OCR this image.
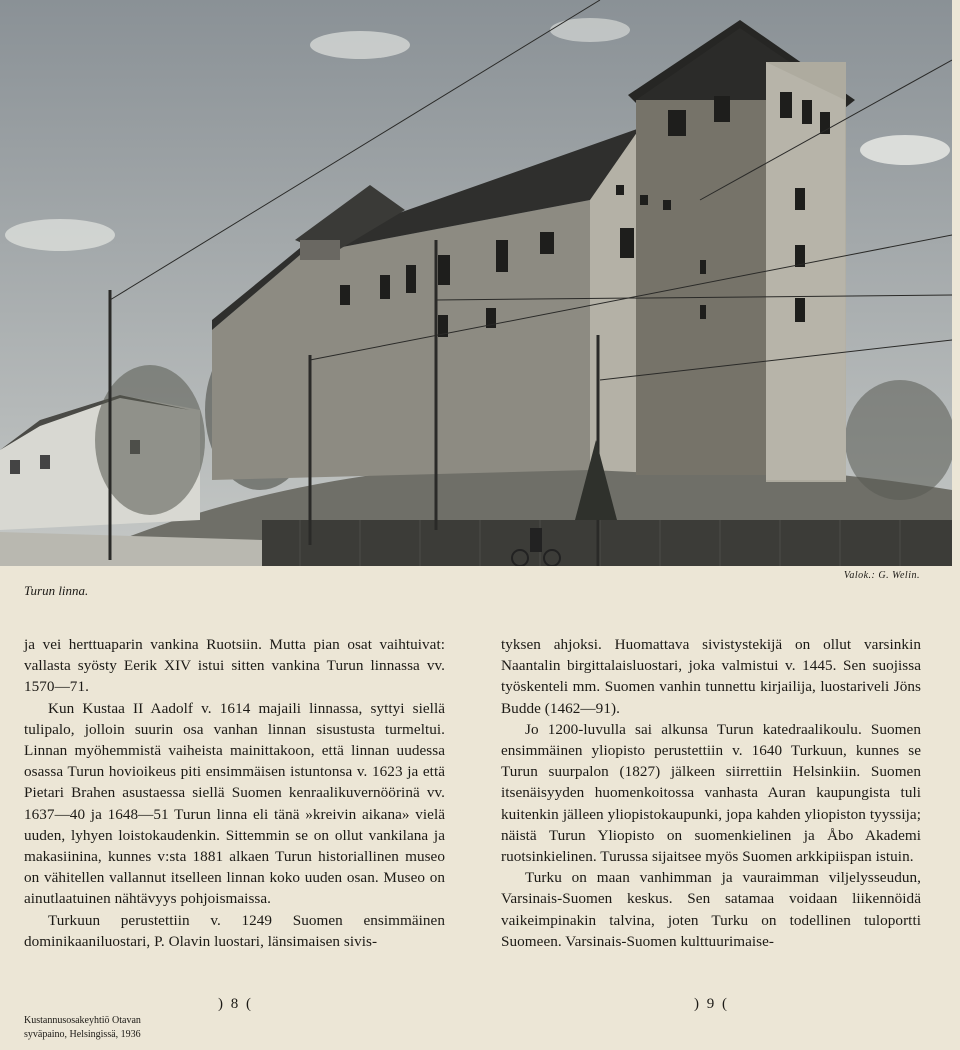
Turun linna.
Valok.: G. Welin.

ja vei herttuaparin vankina Ruotsiin. Mutta pian osat vaihtuivat: vallasta syösty Eerik XIV istui sitten vankina Turun linnassa vv. 1570—71.

Kun Kustaa II Aadolf v. 1614 majaili linnassa, syttyi siellä tulipalo, jolloin suurin osa vanhan linnan sisustusta turmeltui. Linnan myöhemmistä vaiheista mainittakoon, että linnan uudessa osassa Turun hovioikeus piti ensimmäisen istuntonsa v. 1623 ja että Pietari Brahen asustaessa siellä Suomen kenraalikuvernöörinä vv. 1637—40 ja 1648—51 Turun linna eli tänä »kreivin aikana» vielä uuden, lyhyen loistokaudenkin. Sittemmin se on ollut vankilana ja makasiinina, kunnes v:sta 1881 alkaen Turun historiallinen museo on vähitellen vallannut itselleen linnan koko uuden osan. Museo on ainutlaatuinen nähtävyys pohjoismaissa.

Turkuun perustettiin v. 1249 Suomen ensimmäinen dominikaaniluostari, P. Olavin luostari, länsimaisen sivis-

tyksen ahjoksi. Huomattava sivistystekijä on ollut varsinkin Naantalin birgittalaisluostari, joka valmistui v. 1445. Sen suojissa työskenteli mm. Suomen vanhin tunnettu kirjailija, luostariveli Jöns Budde (1462—91).

Jo 1200-luvulla sai alkunsa Turun katedraalikoulu. Suomen ensimmäinen yliopisto perustettiin v. 1640 Turkuun, kunnes se Turun suurpalon (1827) jälkeen siirrettiin Helsinkiin. Suomen itsenäisyyden huomenkoitossa vanhasta Auran kaupungista tuli kuitenkin jälleen yliopistokaupunki, jopa kahden yliopiston tyyssija; näistä Turun Yliopisto on suomenkielinen ja Åbo Akademi ruotsinkielinen. Turussa sijaitsee myös Suomen arkkipiispan istuin.

Turku on maan vanhimman ja vauraimman viljelysseudun, Varsinais-Suomen keskus. Sen satamaa voidaan liikennöidä vaikeimpinakin talvina, joten Turku on todellinen tuloportti Suomeen. Varsinais-Suomen kulttuurimaise-

) 8 (	) 9 (
Kustannusosakeyhtiö Otavan
syväpaino, Helsingissä, 1936
